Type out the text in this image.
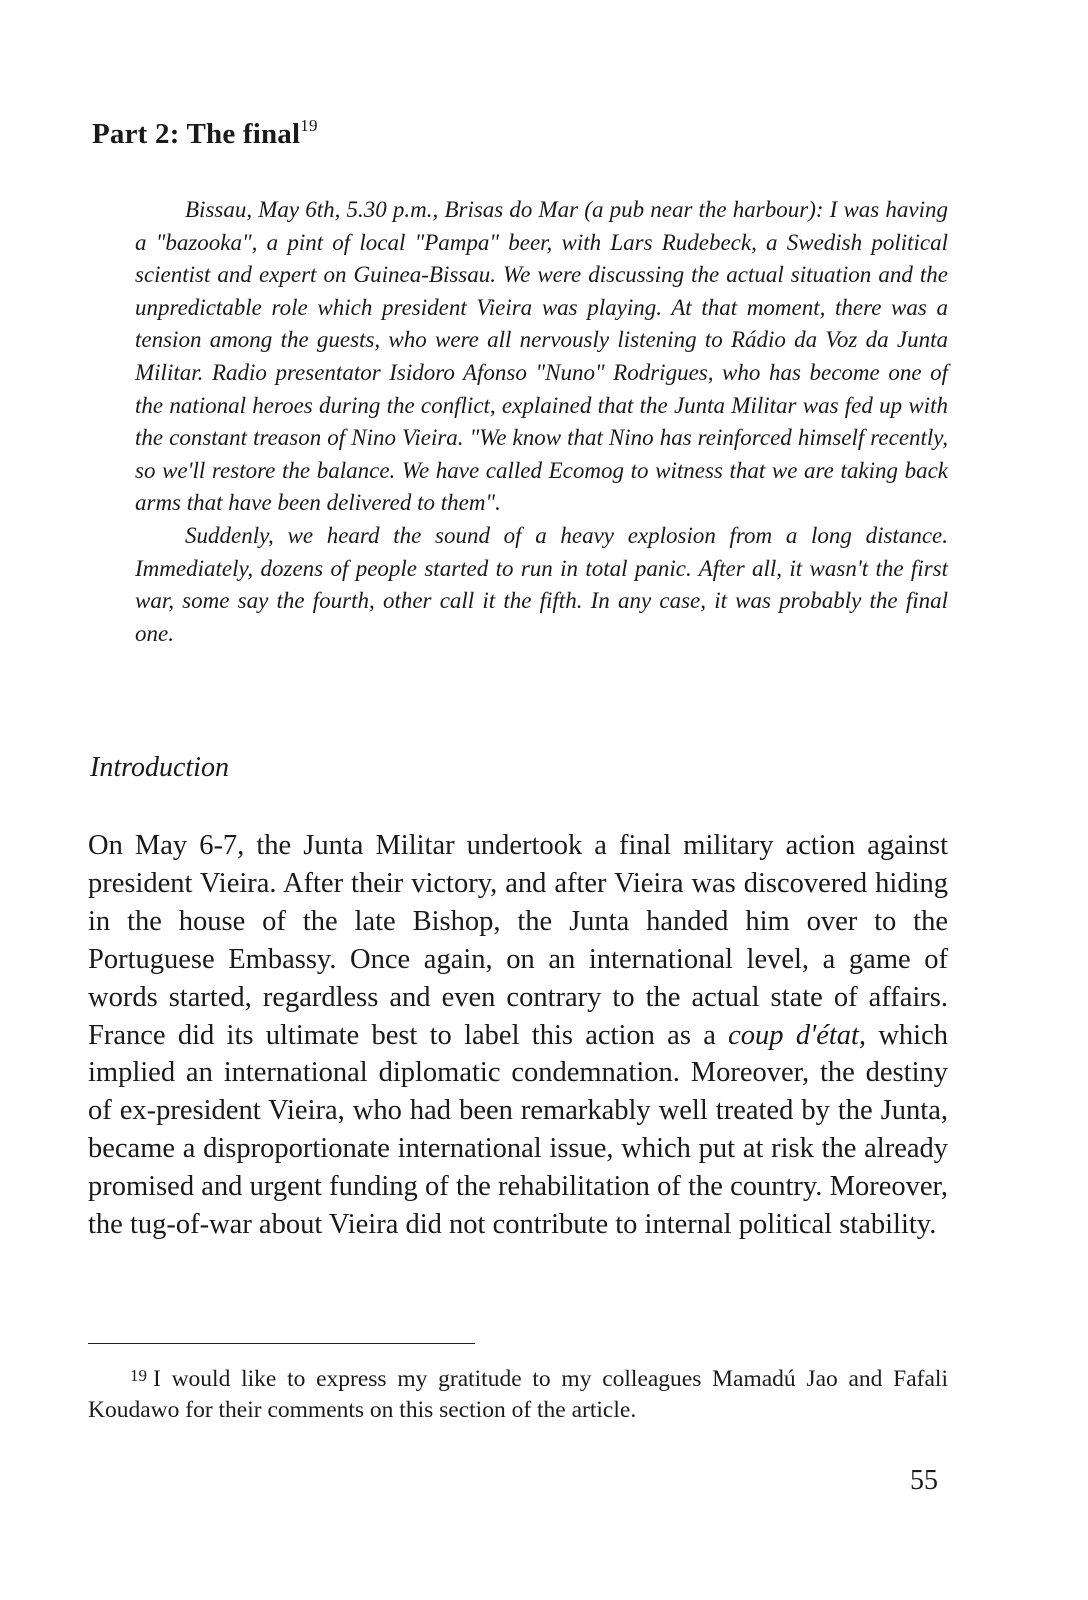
Part 2: The final$^{19}$

Bissau, May 6th, 5.30 p.m., Brisas do Mar (a pub near the harbour): I was having a "bazooka", a pint of local "Pampa" beer, with Lars Rudebeck, a Swedish political scientist and expert on Guinea-Bissau. We were discussing the actual situation and the unpredictable role which president Vieira was playing. At that moment, there was a tension among the guests, who were all nervously listening to Rádio da Voz da Junta Militar. Radio presentator Isidoro Afonso "Nuno" Rodrigues, who has become one of the national heroes during the conflict, explained that the Junta Militar was fed up with the constant treason of Nino Vieira. "We know that Nino has reinforced himself recently, so we'll restore the balance. We have called Ecomog to witness that we are taking back arms that have been delivered to them".

Suddenly, we heard the sound of a heavy explosion from a long distance. Immediately, dozens of people started to run in total panic. After all, it wasn't the first war, some say the fourth, other call it the fifth. In any case, it was probably the final one.

Introduction

On May 6-7, the Junta Militar undertook a final military action against president Vieira. After their victory, and after Vieira was discovered hiding in the house of the late Bishop, the Junta handed him over to the Portuguese Embassy. Once again, on an international level, a game of words started, regardless and even contrary to the actual state of affairs. France did its ultimate best to label this action as a coup d'état, which implied an international diplomatic condemnation. Moreover, the destiny of ex-president Vieira, who had been remarkably well treated by the Junta, became a disproportionate international issue, which put at risk the already promised and urgent funding of the rehabilitation of the country. Moreover, the tug-of-war about Vieira did not contribute to internal political stability.

$^{19}$ I would like to express my gratitude to my colleagues Mamadú Jao and Fafali Koudawo for their comments on this section of the article.

55
